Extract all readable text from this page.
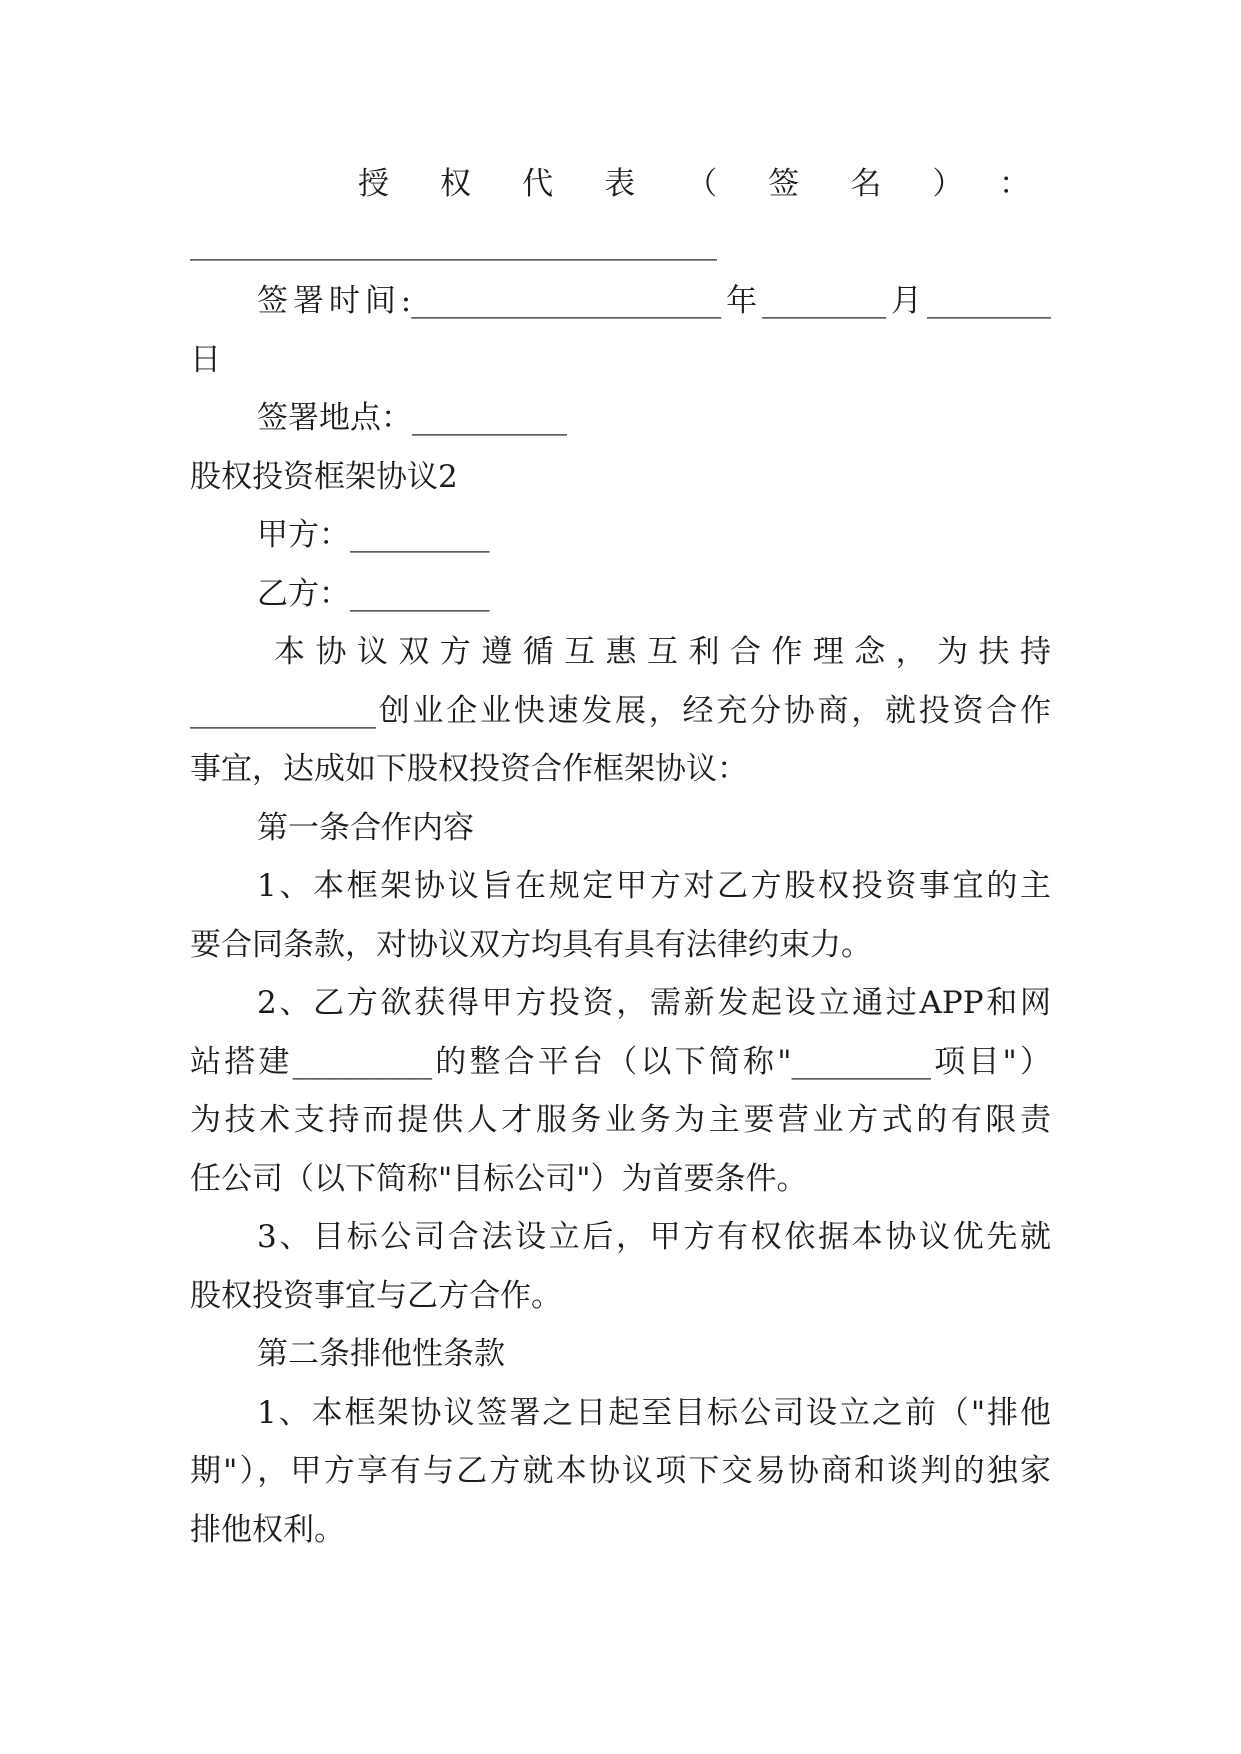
授权代表（签名）：
__________________________________
签署时间:____________________年________月________
日
签署地点：__________
股权投资框架协议2
甲方：_________
乙方：_________
本协议双方遵循互惠互利合作理念，为扶持
____________创业企业快速发展，经充分协商，就投资合作
事宜，达成如下股权投资合作框架协议：
第一条合作内容
1、本框架协议旨在规定甲方对乙方股权投资事宜的主
要合同条款，对协议双方均具有具有法律约束力。
2、乙方欲获得甲方投资，需新发起设立通过APP和网
站搭建_________的整合平台（以下简称"_________项目"）
为技术支持而提供人才服务业务为主要营业方式的有限责
任公司（以下简称"目标公司"）为首要条件。
3、目标公司合法设立后，甲方有权依据本协议优先就
股权投资事宜与乙方合作。
第二条排他性条款
1、本框架协议签署之日起至目标公司设立之前（"排他
期"），甲方享有与乙方就本协议项下交易协商和谈判的独家
排他权利。
